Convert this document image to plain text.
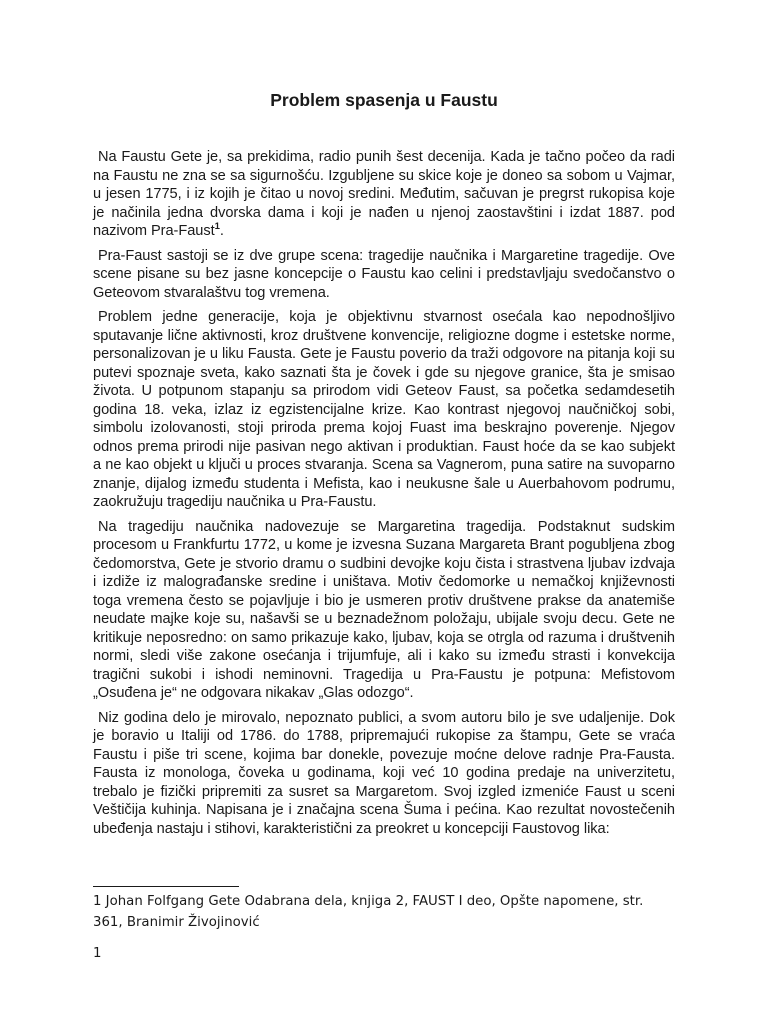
Problem spasenja u Faustu

Na Faustu Gete je, sa prekidima, radio punih šest decenija. Kada je tačno počeo da radi na Faustu ne zna se sa sigurnošću. Izgubljene su skice koje je doneo sa sobom u Vajmar, u jesen 1775, i iz kojih je čitao u novoj sredini. Međutim, sačuvan je pregrst rukopisa koje je načinila jedna dvorska dama i koji je nađen u njenoj zaostavštini i izdat 1887. pod nazivom Pra-Faust$^1$.

Pra-Faust sastoji se iz dve grupe scena: tragedije naučnika i Margaretine tragedije. Ove scene pisane su bez jasne koncepcije o Faustu kao celini i predstavljaju svedočanstvo o Geteovom stvaralaštvu tog vremena.

Problem jedne generacije, koja je objektivnu stvarnost osećala kao nepodnošljivo sputavanje lične aktivnosti, kroz društvene konvencije, religiozne dogme i estetske norme, personalizovan je u liku Fausta. Gete je Faustu poverio da traži odgovore na pitanja koji su putevi spoznaje sveta, kako saznati šta je čovek i gde su njegove granice, šta je smisao života. U potpunom stapanju sa prirodom vidi Geteov Faust, sa početka sedamdesetih godina 18. veka, izlaz iz egzistencijalne krize. Kao kontrast njegovoj naučničkoj sobi, simbolu izolovanosti, stoji priroda prema kojoj Fuast ima beskrajno poverenje. Njegov odnos prema prirodi nije pasivan nego aktivan i produktian. Faust hoće da se kao subjekt a ne kao objekt u ključi u proces stvaranja. Scena sa Vagnerom, puna satire na suvoparno znanje, dijalog između studenta i Mefista, kao i neukusne šale u Auerbahovom podrumu, zaokružuju tragediju naučnika u Pra-Faustu.

Na tragediju naučnika nadovezuje se Margaretina tragedija. Podstaknut sudskim procesom u Frankfurtu 1772, u kome je izvesna Suzana Margareta Brant pogubljena zbog čedomorstva, Gete je stvorio dramu o sudbini devojke koju čista i strastvena ljubav izdvaja i izdiže iz malograđanske sredine i uništava. Motiv čedomorke u nemačkoj književnosti toga vremena često se pojavljuje i bio je usmeren protiv društvene prakse da anatemiše neudate majke koje su, našavši se u beznadežnom položaju, ubijale svoju decu. Gete ne kritikuje neposredno: on samo prikazuje kako, ljubav, koja se otrgla od razuma i društvenih normi, sledi više zakone osećanja i trijumfuje, ali i kako su između strasti i konvekcija tragični sukobi i ishodi neminovni. Tragedija u Pra-Faustu je potpuna: Mefistovom „Osuđena je“ ne odgovara nikakav „Glas odozgo“.

Niz godina delo je mirovalo, nepoznato publici, a svom autoru bilo je sve udaljenije. Dok je boravio u Italiji od 1786. do 1788, pripremajući rukopise za štampu, Gete se vraća Faustu i piše tri scene, kojima bar donekle, povezuje moćne delove radnje Pra-Fausta. Fausta iz monologa, čoveka u godinama, koji već 10 godina predaje na univerzitetu, trebalo je fizički pripremiti za susret sa Margaretom. Svoj izgled izmeniće Faust u sceni Veštičija kuhinja. Napisana je i značajna scena Šuma i pećina. Kao rezultat novostečenih ubeđenja nastaju i stihovi, karakteristični za preokret u koncepciji Faustovog lika:

1 Johan Folfgang Gete Odabrana dela, knjiga 2, FAUST I deo, Opšte napomene, str. 361, Branimir Živojinović

1
